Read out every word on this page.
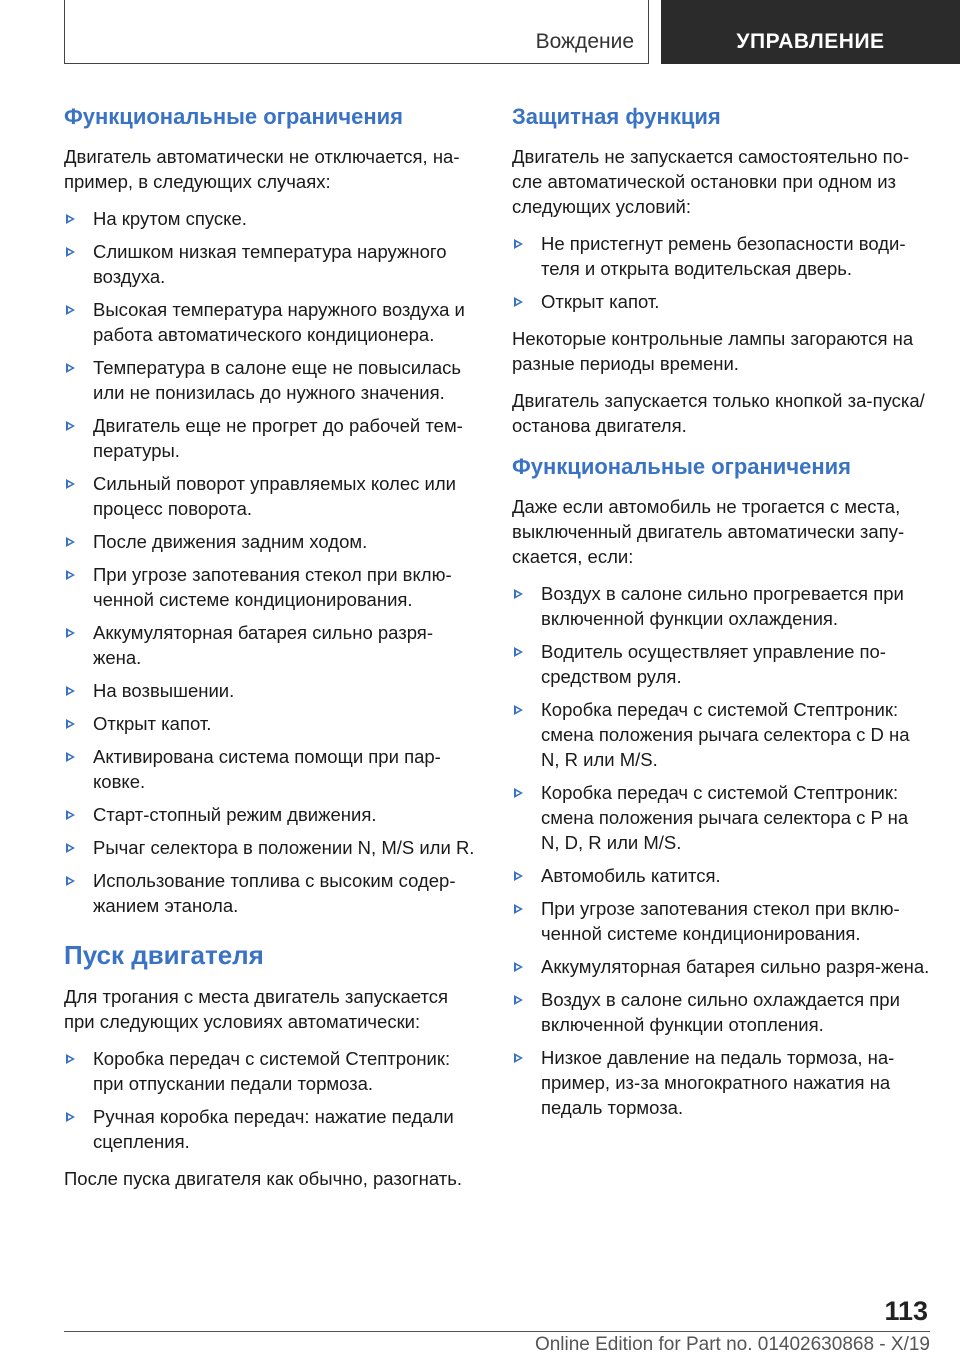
Вождение	УПРАВЛЕНИЕ
Функциональные ограничения

Двигатель автоматически не отключается, на-пример, в следующих случаях:

На крутом спуске.
Слишком низкая температура наружного воздуха.
Высокая температура наружного воздуха и работа автоматического кондиционера.
Температура в салоне еще не повысилась или не понизилась до нужного значения.
Двигатель еще не прогрет до рабочей тем-пературы.
Сильный поворот управляемых колес или процесс поворота.
После движения задним ходом.
При угрозе запотевания стекол при вклю-ченной системе кондиционирования.
Аккумуляторная батарея сильно разря-жена.
На возвышении.
Открыт капот.
Активирована система помощи при пар-ковке.
Старт-стопный режим движения.
Рычаг селектора в положении N, M/S или R.
Использование топлива с высоким содер-жанием этанола.
Пуск двигателя

Для трогания с места двигатель запускается при следующих условиях автоматически:

Коробка передач с системой Стептроник: при отпускании педали тормоза.
Ручная коробка передач: нажатие педали сцепления.

После пуска двигателя как обычно, разогнать.

Защитная функция

Двигатель не запускается самостоятельно по-сле автоматической остановки при одном из следующих условий:

Не пристегнут ремень безопасности води-теля и открыта водительская дверь.
Открыт капот.

Некоторые контрольные лампы загораются на разные периоды времени.

Двигатель запускается только кнопкой за-пуска/останова двигателя.

Функциональные ограничения

Даже если автомобиль не трогается с места, выключенный двигатель автоматически запу-скается, если:

Воздух в салоне сильно прогревается при включенной функции охлаждения.
Водитель осуществляет управление по-средством руля.
Коробка передач с системой Стептроник: смена положения рычага селектора с D на N, R или M/S.
Коробка передач с системой Стептроник: смена положения рычага селектора с P на N, D, R или M/S.
Автомобиль катится.
При угрозе запотевания стекол при вклю-ченной системе кондиционирования.
Аккумуляторная батарея сильно разря-жена.
Воздух в салоне сильно охлаждается при включенной функции отопления.
Низкое давление на педаль тормоза, на-пример, из-за многократного нажатия на педаль тормоза.
113
Online Edition for Part no. 01402630868 - X/19
